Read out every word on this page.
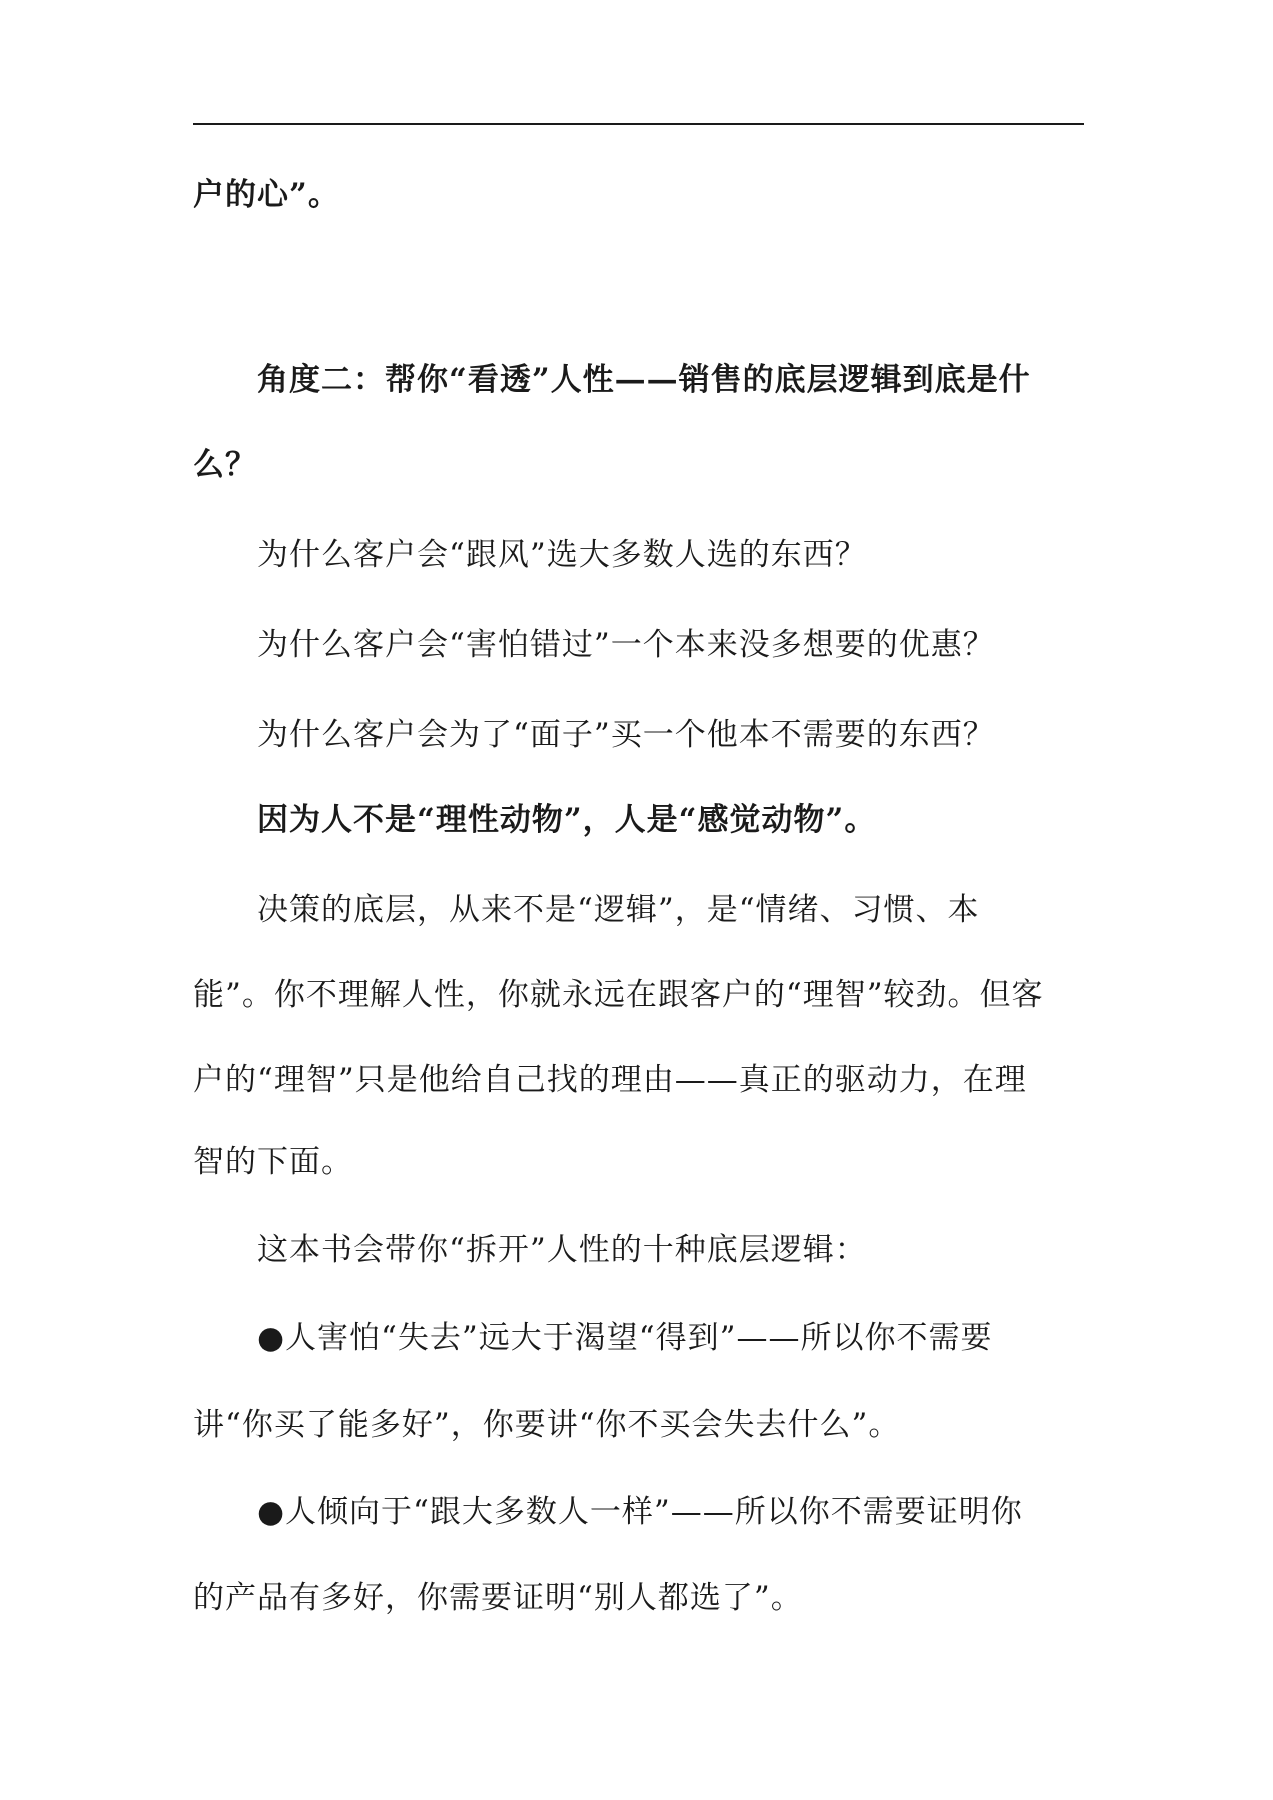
户的心”。
角度二：帮你“看透”人性——销售的底层逻辑到底是什
么？
为什么客户会“跟风”选大多数人选的东西？
为什么客户会“害怕错过”一个本来没多想要的优惠？
为什么客户会为了“面子”买一个他本不需要的东西？
因为人不是“理性动物”，人是“感觉动物”。
决策的底层，从来不是“逻辑”，是“情绪、习惯、本
能”。你不理解人性，你就永远在跟客户的“理智”较劲。但客
户的“理智”只是他给自己找的理由——真正的驱动力，在理
智的下面。
这本书会带你“拆开”人性的十种底层逻辑：
●人害怕“失去”远大于渴望“得到”——所以你不需要
讲“你买了能多好”，你要讲“你不买会失去什么”。
●人倾向于“跟大多数人一样”——所以你不需要证明你
的产品有多好，你需要证明“别人都选了”。
